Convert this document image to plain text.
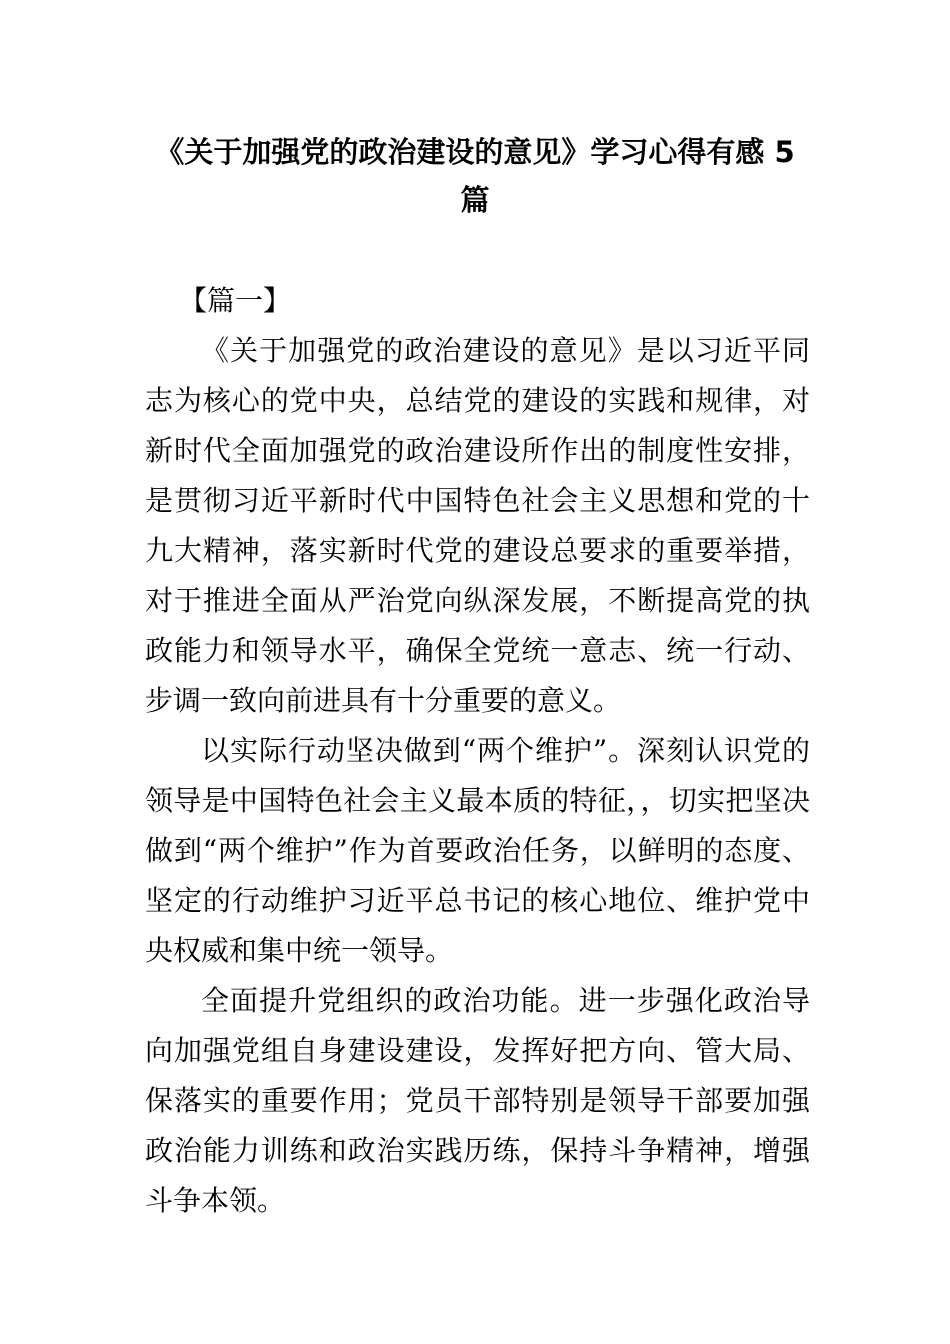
《关于加强党的政治建设的意见》学习心得有感 5 篇

【篇一】

《关于加强党的政治建设的意见》是以习近平同志为核心的党中央，总结党的建设的实践和规律，对新时代全面加强党的政治建设所作出的制度性安排，是贯彻习近平新时代中国特色社会主义思想和党的十九大精神，落实新时代党的建设总要求的重要举措，对于推进全面从严治党向纵深发展，不断提高党的执政能力和领导水平，确保全党统一意志、统一行动、步调一致向前进具有十分重要的意义。

以实际行动坚决做到“两个维护”。深刻认识党的领导是中国特色社会主义最本质的特征，，切实把坚决做到“两个维护”作为首要政治任务，以鲜明的态度、坚定的行动维护习近平总书记的核心地位、维护党中央权威和集中统一领导。

全面提升党组织的政治功能。进一步强化政治导向加强党组自身建设建设，发挥好把方向、管大局、保落实的重要作用；党员干部特别是领导干部要加强政治能力训练和政治实践历练，保持斗争精神，增强斗争本领。
